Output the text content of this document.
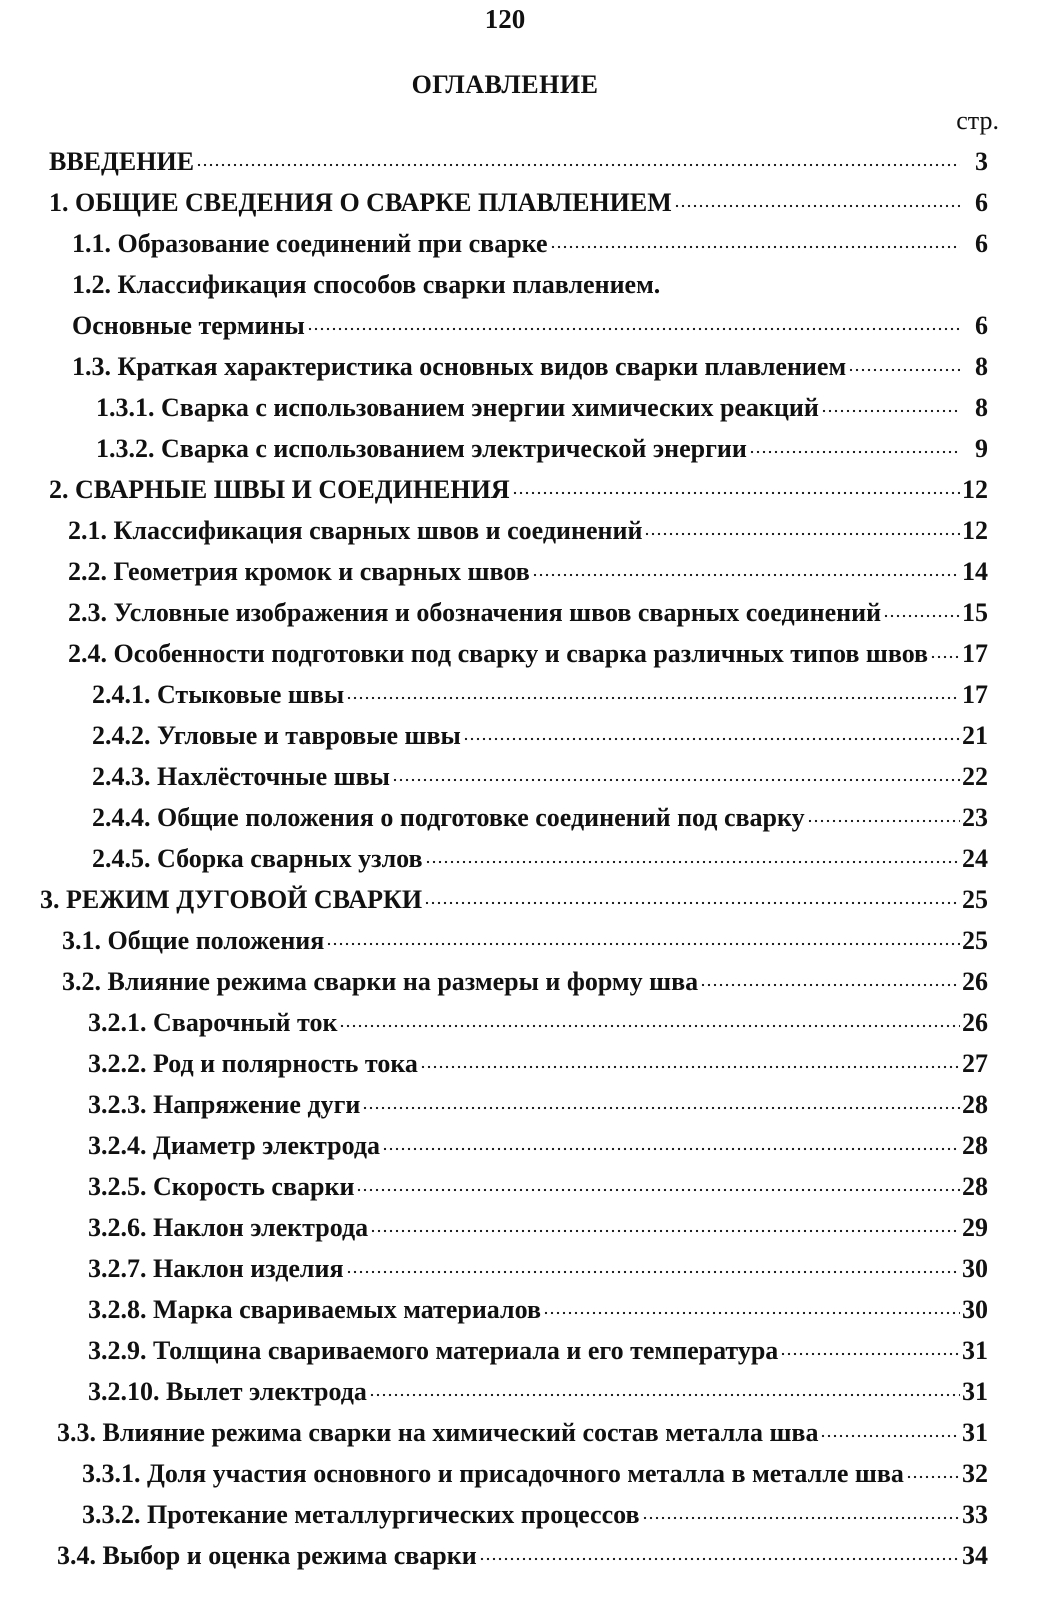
120
ОГЛАВЛЕНИЕ
стр.
ВВЕДЕНИЕ	3
1. ОБЩИЕ СВЕДЕНИЯ О СВАРКЕ ПЛАВЛЕНИЕМ	6
1.1. Образование соединений при сварке	6
1.2. Классификация способов сварки плавлением.
Основные термины	6
1.3. Краткая характеристика основных видов сварки плавлением	8
1.3.1. Сварка с использованием энергии химических реакций	8
1.3.2. Сварка с использованием электрической энергии	9
2. СВАРНЫЕ ШВЫ И СОЕДИНЕНИЯ	12
2.1. Классификация сварных швов и соединений	12
2.2. Геометрия кромок и сварных швов	14
2.3. Условные изображения и обозначения швов сварных соединений	15
2.4. Особенности подготовки под сварку и сварка различных типов швов 17
2.4.1. Стыковые швы	17
2.4.2. Угловые и тавровые швы	21
2.4.3. Нахлёсточные швы	22
2.4.4. Общие положения о подготовке соединений под сварку	23
2.4.5. Сборка сварных узлов	24
3. РЕЖИМ ДУГОВОЙ СВАРКИ	25
3.1. Общие положения	25
3.2. Влияние режима сварки на размеры и форму шва	26
3.2.1. Сварочный ток	26
3.2.2. Род и полярность тока	27
3.2.3. Напряжение дуги	28
3.2.4. Диаметр электрода	28
3.2.5. Скорость сварки	28
3.2.6. Наклон электрода	29
3.2.7. Наклон изделия	30
3.2.8. Марка свариваемых материалов	30
3.2.9. Толщина свариваемого материала и его температура	31
3.2.10. Вылет электрода	31
3.3. Влияние режима сварки на химический состав металла шва	31
3.3.1. Доля участия основного и присадочного металла в металле шва 32
3.3.2. Протекание металлургических процессов	33
3.4. Выбор и оценка режима сварки	34
